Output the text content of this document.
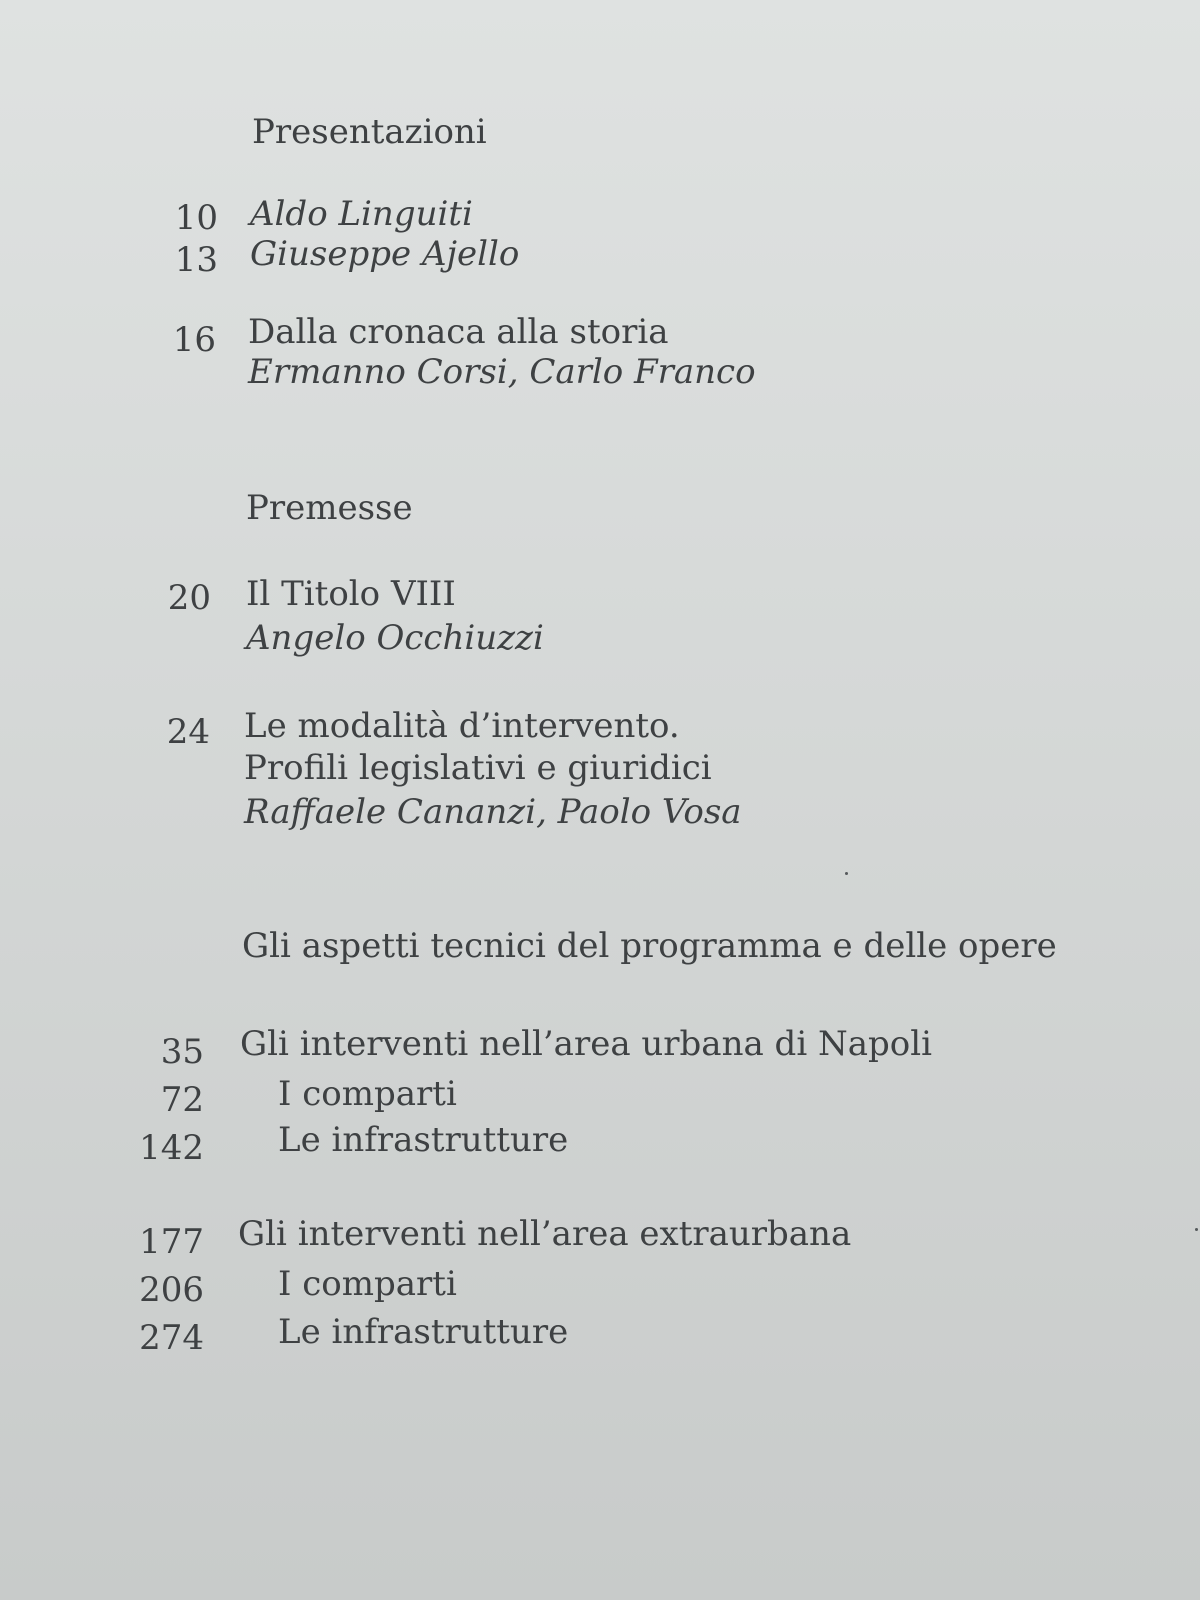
Presentazioni
10 Aldo Linguiti
13 Giuseppe Ajello
16 Dalla cronaca alla storia
Ermanno Corsi, Carlo Franco
Premesse
20 Il Titolo VIII
Angelo Occhiuzzi
24 Le modalità d’intervento.
Profili legislativi e giuridici
Raffaele Cananzi, Paolo Vosa
Gli aspetti tecnici del programma e delle opere
35 Gli interventi nell’area urbana di Napoli
72 I comparti
142 Le infrastrutture
177 Gli interventi nell’area extraurbana
206 I comparti
274 Le infrastrutture
